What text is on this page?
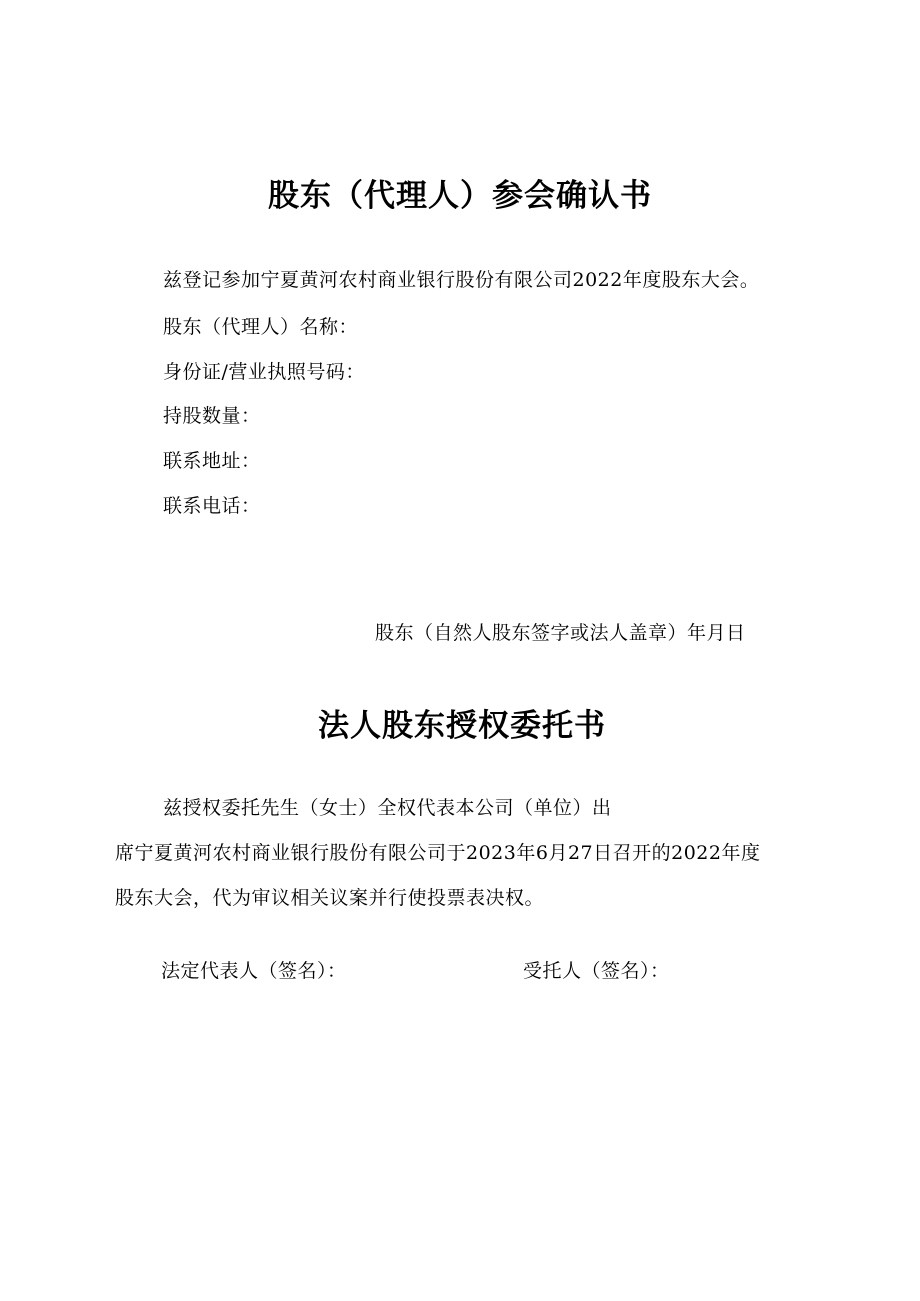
股东（代理人）参会确认书
兹登记参加宁夏黄河农村商业银行股份有限公司2022年度股东大会。
股东（代理人）名称：
身份证/营业执照号码：
持股数量：
联系地址：
联系电话：
股东（自然人股东签字或法人盖章）年月日
法人股东授权委托书
兹授权委托先生（女士）全权代表本公司（单位）出
席宁夏黄河农村商业银行股份有限公司于2023年6月27日召开的2022年度
股东大会，代为审议相关议案并行使投票表决权。
法定代表人（签名）：	受托人（签名）：
